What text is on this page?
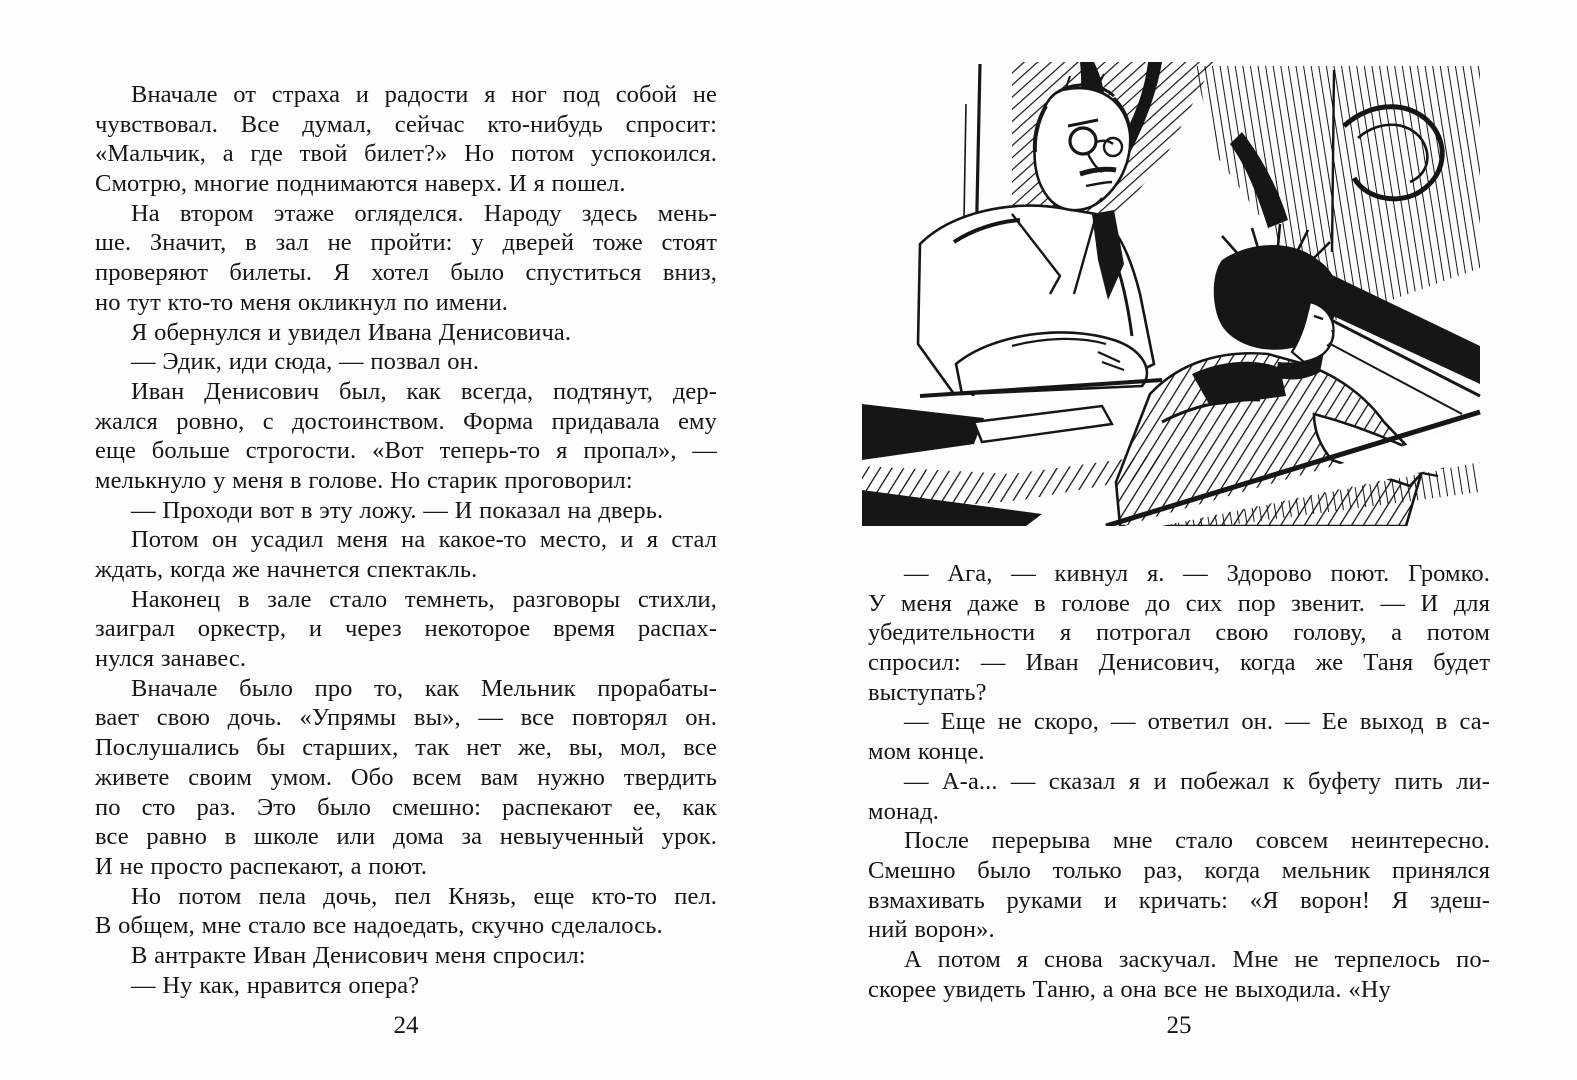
Вначале от страха и радости я ног под собой не
чувствовал. Все думал, сейчас кто-нибудь спросит:
«Мальчик, а где твой билет?» Но потом успокоился.
Смотрю, многие поднимаются наверх. И я пошел.
На втором этаже огляделся. Народу здесь мень-
ше. Значит, в зал не пройти: у дверей тоже стоят
проверяют билеты. Я хотел было спуститься вниз,
но тут кто-то меня окликнул по имени.
Я обернулся и увидел Ивана Денисовича.
— Эдик, иди сюда, — позвал он.
Иван Денисович был, как всегда, подтянут, дер-
жался ровно, с достоинством. Форма придавала ему
еще больше строгости. «Вот теперь-то я пропал», —
мелькнуло у меня в голове. Но старик проговорил:
— Проходи вот в эту ложу. — И показал на дверь.
Потом он усадил меня на какое-то место, и я стал
ждать, когда же начнется спектакль.
Наконец в зале стало темнеть, разговоры стихли,
заиграл оркестр, и через некоторое время распах-
нулся занавес.
Вначале было про то, как Мельник прорабаты-
вает свою дочь. «Упрямы вы», — все повторял он.
Послушались бы старших, так нет же, вы, мол, все
живете своим умом. Обо всем вам нужно твердить
по сто раз. Это было смешно: распекают ее, как
все равно в школе или дома за невыученный урок.
И не просто распекают, а поют.
Но потом пела дочь, пел Князь, еще кто-то пел.
В общем, мне стало все надоедать, скучно сделалось.
В антракте Иван Денисович меня спросил:
— Ну как, нравится опера?
— Ага, — кивнул я. — Здорово поют. Громко.
У меня даже в голове до сих пор звенит. — И для
убедительности я потрогал свою голову, а потом
спросил: — Иван Денисович, когда же Таня будет
выступать?
— Еще не скоро, — ответил он. — Ее выход в са-
мом конце.
— А-а... — сказал я и побежал к буфету пить ли-
монад.
После перерыва мне стало совсем неинтересно.
Смешно было только раз, когда мельник принялся
взмахивать руками и кричать: «Я ворон! Я здеш-
ний ворон».
А потом я снова заскучал. Мне не терпелось по-
скорее увидеть Таню, а она все не выходила. «Ну
24	25
